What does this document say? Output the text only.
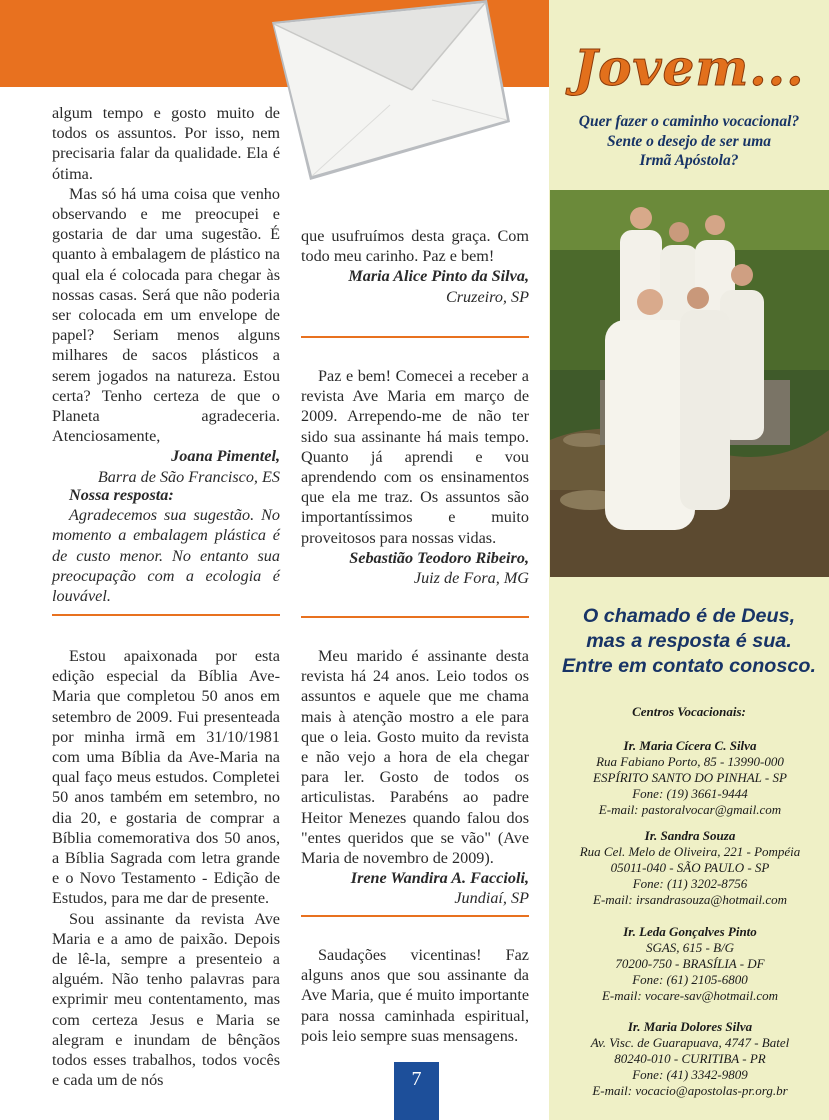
algum tempo e gosto muito de todos os assuntos. Por isso, nem precisaria falar da qualidade. Ela é ótima.

Mas só há uma coisa que venho observando e me preocupei e gostaria de dar uma sugestão. É quanto à embalagem de plástico na qual ela é colocada para chegar às nossas casas. Será que não poderia ser colocada em um envelope de papel? Seriam menos alguns milhares de sacos plásticos a serem jogados na natureza. Estou certa? Tenho certeza de que o Planeta agradeceria. Atenciosamente,

Joana Pimentel,
Barra de São Francisco, ES

Nossa resposta:

Agradecemos sua sugestão. No momento a embalagem plástica é de custo menor. No entanto sua preocupação com a ecologia é louvável.

Estou apaixonada por esta edição especial da Bíblia Ave-Maria que completou 50 anos em setembro de 2009. Fui presenteada por minha irmã em 31/10/1981 com uma Bíblia da Ave-Maria na qual faço meus estudos. Completei 50 anos também em setembro, no dia 20, e gostaria de comprar a Bíblia comemorativa dos 50 anos, a Bíblia Sagrada com letra grande e o Novo Testamento - Edição de Estudos, para me dar de presente.

Sou assinante da revista Ave Maria e a amo de paixão. Depois de lê-la, sempre a presenteio a alguém. Não tenho palavras para exprimir meu contentamento, mas com certeza Jesus e Maria se alegram e inundam de bênçãos todos esses trabalhos, todos vocês e cada um de nós

que usufruímos desta graça. Com todo meu carinho. Paz e bem!

Maria Alice Pinto da Silva,
Cruzeiro, SP

Paz e bem! Comecei a receber a revista Ave Maria em março de 2009. Arrependo-me de não ter sido sua assinante há mais tempo. Quanto já aprendi e vou aprendendo com os ensinamentos que ela me traz. Os assuntos são importantíssimos e muito proveitosos para nossas vidas.

Sebastião Teodoro Ribeiro,
Juiz de Fora, MG

Meu marido é assinante desta revista há 24 anos. Leio todos os assuntos e aquele que me chama mais à atenção mostro a ele para que o leia. Gosto muito da revista e não vejo a hora de ela chegar para ler. Gosto de todos os articulistas. Parabéns ao padre Heitor Menezes quando falou dos "entes queridos que se vão" (Ave Maria de novembro de 2009).

Irene Wandira A. Faccioli,
Jundiaí, SP

Saudações vicentinas! Faz alguns anos que sou assinante da Ave Maria, que é muito importante para nossa caminhada espiritual, pois leio sempre suas mensagens.

7
Jovem...
Quer fazer o caminho vocacional?
Sente o desejo de ser uma
Irmã Apóstola?
O chamado é de Deus,
mas a resposta é sua.
Entre em contato conosco.
Centros Vocacionais:
Ir. Maria Cícera C. Silva
Rua Fabiano Porto, 85 - 13990-000
ESPÍRITO SANTO DO PINHAL - SP
Fone: (19) 3661-9444
E-mail: pastoralvocar@gmail.com
Ir. Sandra Souza
Rua Cel. Melo de Oliveira, 221 - Pompéia
05011-040 - SÃO PAULO - SP
Fone: (11) 3202-8756
E-mail: irsandrasouza@hotmail.com
Ir. Leda Gonçalves Pinto
SGAS, 615 - B/G
70200-750 - BRASÍLIA - DF
Fone: (61) 2105-6800
E-mail: vocare-sav@hotmail.com
Ir. Maria Dolores Silva
Av. Visc. de Guarapuava, 4747 - Batel
80240-010 - CURITIBA - PR
Fone: (41) 3342-9809
E-mail: vocacio@apostolas-pr.org.br
